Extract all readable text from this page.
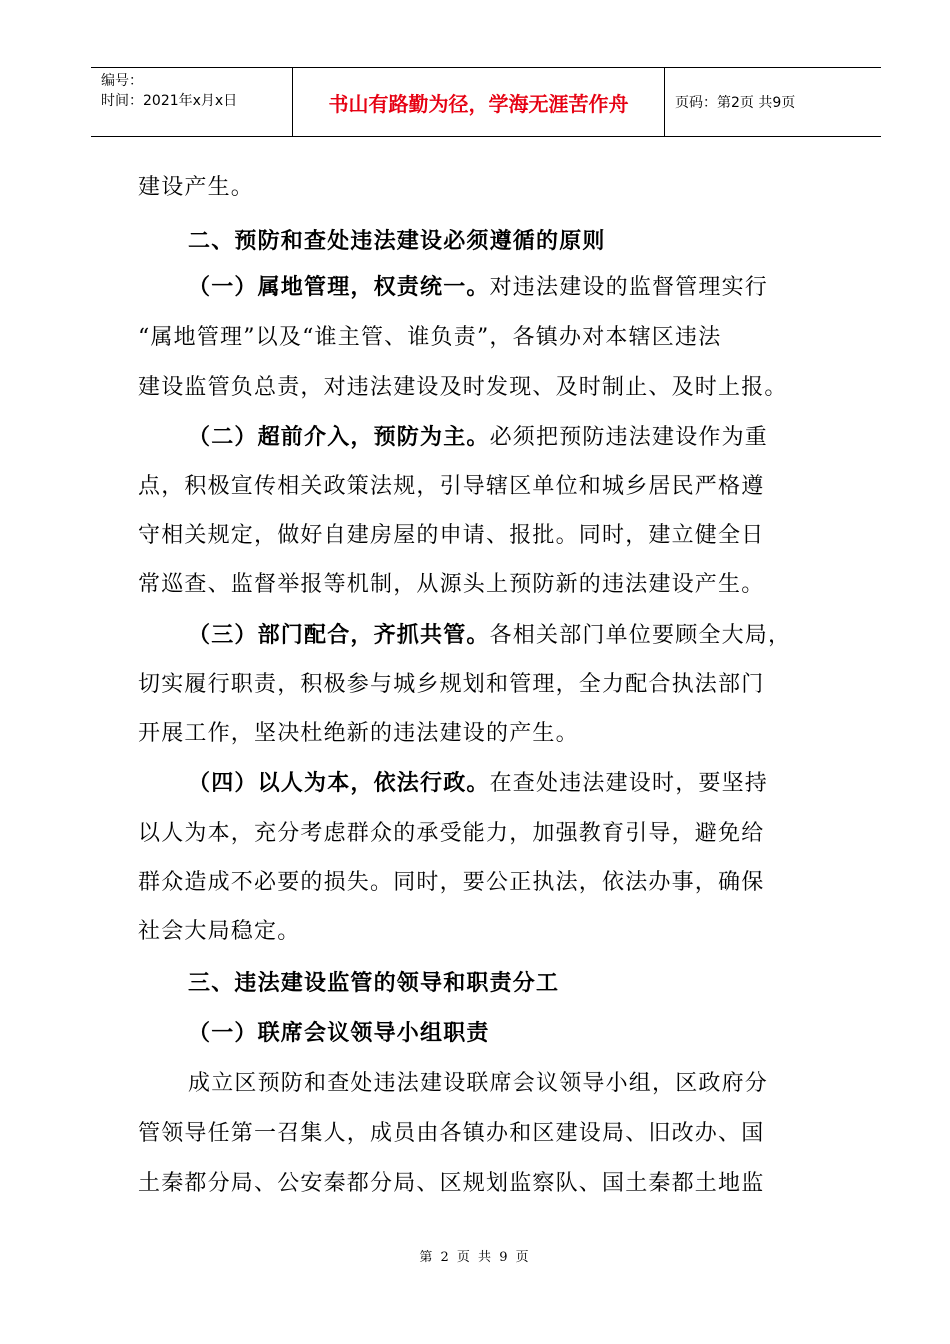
编号：
时间：2021年x月x日	书山有路勤为径，学海无涯苦作舟	页码：第2页 共9页
建设产生。
二、预防和查处违法建设必须遵循的原则
（一）属地管理，权责统一。对违法建设的监督管理实行
“属地管理”以及“谁主管、谁负责”，各镇办对本辖区违法
建设监管负总责，对违法建设及时发现、及时制止、及时上报。
（二）超前介入，预防为主。必须把预防违法建设作为重
点，积极宣传相关政策法规，引导辖区单位和城乡居民严格遵
守相关规定，做好自建房屋的申请、报批。同时，建立健全日
常巡查、监督举报等机制，从源头上预防新的违法建设产生。
（三）部门配合，齐抓共管。各相关部门单位要顾全大局，
切实履行职责，积极参与城乡规划和管理，全力配合执法部门
开展工作，坚决杜绝新的违法建设的产生。
（四）以人为本，依法行政。在查处违法建设时，要坚持
以人为本，充分考虑群众的承受能力，加强教育引导，避免给
群众造成不必要的损失。同时，要公正执法，依法办事，确保
社会大局稳定。
三、违法建设监管的领导和职责分工
（一）联席会议领导小组职责
成立区预防和查处违法建设联席会议领导小组，区政府分
管领导任第一召集人，成员由各镇办和区建设局、旧改办、国
土秦都分局、公安秦都分局、区规划监察队、国土秦都土地监
第 2 页 共 9 页
